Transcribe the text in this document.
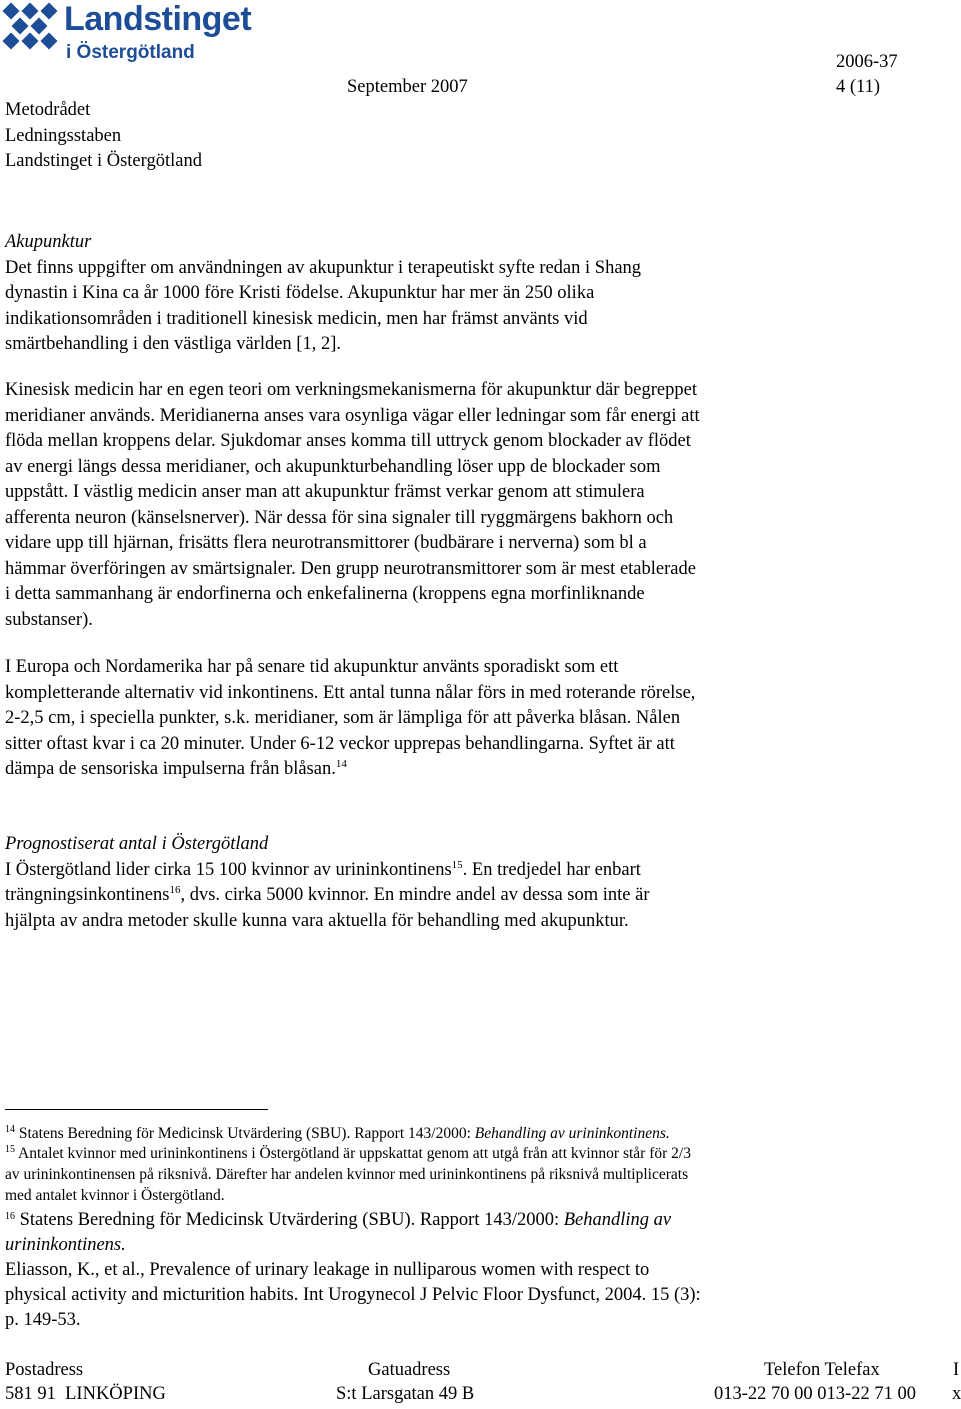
Landstinget
i Östergötland	2006-37
September 2007	4 (11)
Metodrådet
Ledningsstaben
Landstinget i Östergötland

Akupunktur

Det finns uppgifter om användningen av akupunktur i terapeutiskt syfte redan i Shang

dynastin i Kina ca år 1000 före Kristi födelse. Akupunktur har mer än 250 olika

indikationsområden i traditionell kinesisk medicin, men har främst använts vid

smärtbehandling i den västliga världen [1, 2].

Kinesisk medicin har en egen teori om verkningsmekanismerna för akupunktur där begreppet

meridianer används. Meridianerna anses vara osynliga vägar eller ledningar som får energi att

flöda mellan kroppens delar. Sjukdomar anses komma till uttryck genom blockader av flödet

av energi längs dessa meridianer, och akupunkturbehandling löser upp de blockader som

uppstått. I västlig medicin anser man att akupunktur främst verkar genom att stimulera

afferenta neuron (känselsnerver). När dessa för sina signaler till ryggmärgens bakhorn och

vidare upp till hjärnan, frisätts flera neurotransmittorer (budbärare i nerverna) som bl a

hämmar överföringen av smärtsignaler. Den grupp neurotransmittorer som är mest etablerade

i detta sammanhang är endorfinerna och enkefalinerna (kroppens egna morfinliknande

substanser).

I Europa och Nordamerika har på senare tid akupunktur använts sporadiskt som ett

kompletterande alternativ vid inkontinens. Ett antal tunna nålar förs in med roterande rörelse,

2-2,5 cm, i speciella punkter, s.k. meridianer, som är lämpliga för att påverka blåsan. Nålen

sitter oftast kvar i ca 20 minuter. Under 6-12 veckor upprepas behandlingarna. Syftet är att

dämpa de sensoriska impulserna från blåsan.$^{14}$

Prognostiserat antal i Östergötland

I Östergötland lider cirka 15 100 kvinnor av urininkontinens$^{15}$. En tredjedel har enbart

trängningsinkontinens$^{16}$, dvs. cirka 5000 kvinnor. En mindre andel av dessa som inte är

hjälpta av andra metoder skulle kunna vara aktuella för behandling med akupunktur.

$^{14}$ Statens Beredning för Medicinsk Utvärdering (SBU). Rapport 143/2000: Behandling av urininkontinens.
$^{15}$ Antalet kvinnor med urininkontinens i Östergötland är uppskattat genom att utgå från att kvinnor står för 2/3
av urininkontinensen på riksnivå. Därefter har andelen kvinnor med urininkontinens på riksnivå multiplicerats
med antalet kvinnor i Östergötland.
$^{16}$ Statens Beredning för Medicinsk Utvärdering (SBU). Rapport 143/2000: Behandling av
urininkontinens.
Eliasson, K., et al., Prevalence of urinary leakage in nulliparous women with respect to
physical activity and micturition habits. Int Urogynecol J Pelvic Floor Dysfunct, 2004. 15 (3):
p. 149-53.
Postadress
581 91  LINKÖPING
Gatuadress
S:t Larsgatan 49 B
Telefon Telefax
013-22 70 00 013-22 71 00
I
x
